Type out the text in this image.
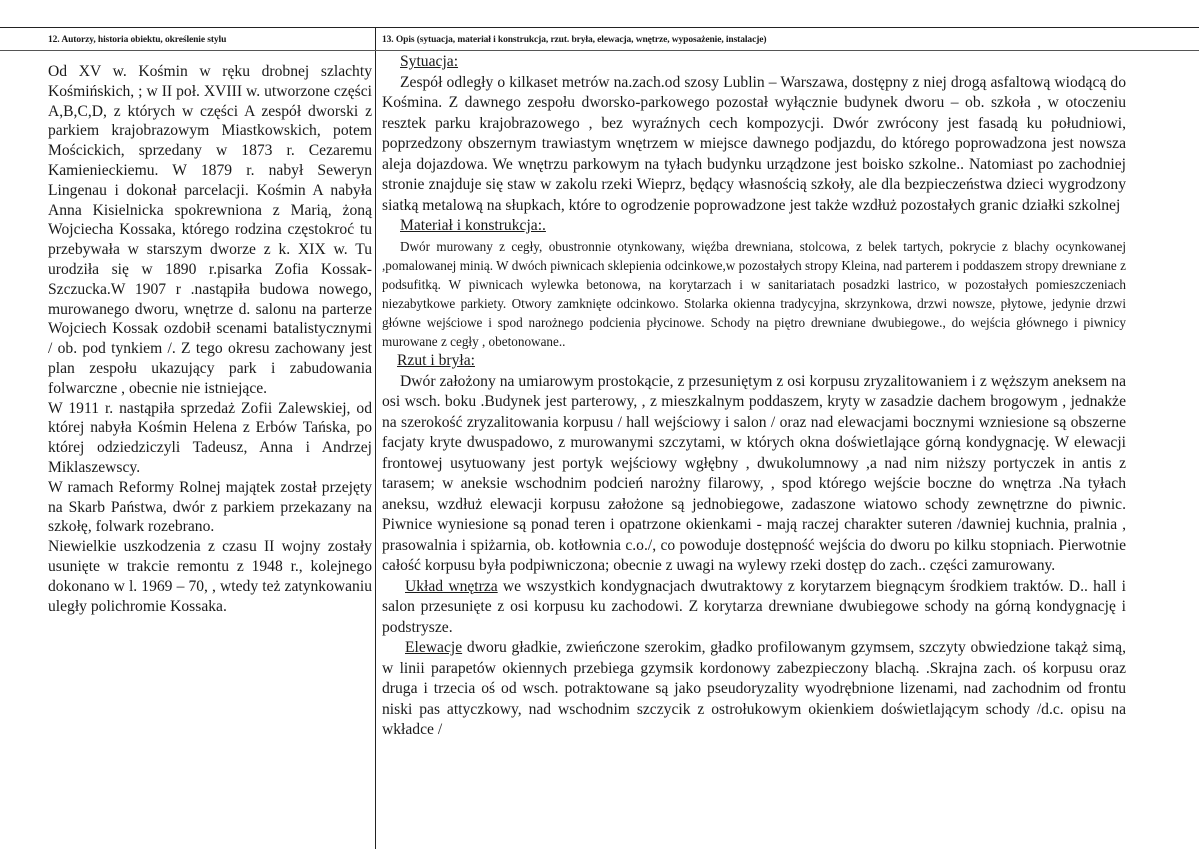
12. Autorzy, historia obiektu, określenie stylu	13. Opis (sytuacja, materiał i konstrukcja, rzut. bryła, elewacja, wnętrze, wyposażenie, instalacje)

Od XV w. Kośmin w ręku drobnej szlachty Kośmińskich, ; w II poł. XVIII w. utworzone części A,B,C,D, z których w części A zespół dworski z parkiem krajobrazowym Miastkowskich, potem Mościckich, sprzedany w 1873 r. Cezaremu Kamienieckiemu. W 1879 r. nabył Seweryn Lingenau i dokonał parcelacji. Kośmin A nabyła Anna Kisielnicka spokrewniona z Marią, żoną Wojciecha Kossaka, którego rodzina częstokroć tu przebywała w starszym dworze z k. XIX w. Tu urodziła się w 1890 r.pisarka Zofia Kossak-Szczucka.W 1907 r .nastąpiła budowa nowego, murowanego dworu, wnętrze d. salonu na parterze Wojciech Kossak ozdobił scenami batalistycznymi / ob. pod tynkiem /. Z tego okresu zachowany jest plan zespołu ukazujący park i zabudowania folwarczne , obecnie nie istniejące.

W 1911 r. nastąpiła sprzedaż Zofii Zalewskiej, od której nabyła Kośmin Helena z Erbów Tańska, po której odziedziczyli Tadeusz, Anna i Andrzej Miklaszewscy.

W ramach Reformy Rolnej majątek został przejęty na Skarb Państwa, dwór z parkiem przekazany na szkołę, folwark rozebrano.

Niewielkie uszkodzenia z czasu II wojny zostały usunięte w trakcie remontu z 1948 r., kolejnego dokonano w l. 1969 – 70, , wtedy też zatynkowaniu uległy polichromie Kossaka.

Sytuacja:

Zespół odległy o kilkaset metrów na.zach.od szosy Lublin – Warszawa, dostępny z niej drogą asfaltową wiodącą do Kośmina. Z dawnego zespołu dworsko-parkowego pozostał wyłącznie budynek dworu – ob. szkoła , w otoczeniu resztek parku krajobrazowego , bez wyraźnych cech kompozycji. Dwór zwrócony jest fasadą ku południowi, poprzedzony obszernym trawiastym wnętrzem w miejsce dawnego podjazdu, do którego poprowadzona jest nowsza aleja dojazdowa. We wnętrzu parkowym na tyłach budynku urządzone jest boisko szkolne.. Natomiast po zachodniej stronie znajduje się staw w zakolu rzeki Wieprz, będący własnością szkoły, ale dla bezpieczeństwa dzieci wygrodzony siatką metalową na słupkach, które to ogrodzenie poprowadzone jest także wzdłuż pozostałych granic działki szkolnej

Materiał i konstrukcja:.

Dwór murowany z cegły, obustronnie otynkowany, więźba drewniana, stolcowa, z belek tartych, pokrycie z blachy ocynkowanej ,pomalowanej minią. W dwóch piwnicach sklepienia odcinkowe,w pozostałych stropy Kleina, nad parterem i poddaszem stropy drewniane z podsufitką. W piwnicach wylewka betonowa, na korytarzach i w sanitariatach posadzki lastrico, w pozostałych pomieszczeniach niezabytkowe parkiety. Otwory zamknięte odcinkowo. Stolarka okienna tradycyjna, skrzynkowa, drzwi nowsze, płytowe, jedynie drzwi główne wejściowe i spod narożnego podcienia płycinowe. Schody na piętro drewniane dwubiegowe., do wejścia głównego i piwnicy murowane z cegły , obetonowane..

Rzut i bryła:

Dwór założony na umiarowym prostokącie, z przesuniętym z osi korpusu zryzalitowaniem i z węższym aneksem na osi wsch. boku .Budynek jest parterowy, , z mieszkalnym poddaszem, kryty w zasadzie dachem brogowym , jednakże na szerokość zryzalitowania korpusu / hall wejściowy i salon / oraz nad elewacjami bocznymi wzniesione są obszerne facjaty kryte dwuspadowo, z murowanymi szczytami, w których okna doświetlające górną kondygnację. W elewacji frontowej usytuowany jest portyk wejściowy wgłębny , dwukolumnowy ,a nad nim niższy portyczek in antis z tarasem; w aneksie wschodnim podcień narożny filarowy, , spod którego wejście boczne do wnętrza .Na tyłach aneksu, wzdłuż elewacji korpusu założone są jednobiegowe, zadaszone wiatowo schody zewnętrzne do piwnic. Piwnice wyniesione są ponad teren i opatrzone okienkami - mają raczej charakter suteren /dawniej kuchnia, pralnia , prasowalnia i spiżarnia, ob. kotłownia c.o./, co powoduje dostępność wejścia do dworu po kilku stopniach. Pierwotnie całość korpusu była podpiwniczona; obecnie z uwagi na wylewy rzeki dostęp do zach.. części zamurowany.

Układ wnętrza we wszystkich kondygnacjach dwutraktowy z korytarzem biegnącym środkiem traktów. D.. hall i salon przesunięte z osi korpusu ku zachodowi. Z korytarza drewniane dwubiegowe schody na górną kondygnację i podstrysze.

Elewacje dworu gładkie, zwieńczone szerokim, gładko profilowanym gzymsem, szczyty obwiedzione takąż simą, w linii parapetów okiennych przebiega gzymsik kordonowy zabezpieczony blachą. .Skrajna zach. oś korpusu oraz druga i trzecia oś od wsch. potraktowane są jako pseudoryzality wyodrębnione lizenami, nad zachodnim od frontu niski pas attyczkowy, nad wschodnim szczycik z ostrołukowym okienkiem doświetlającym schody /d.c. opisu na wkładce /
